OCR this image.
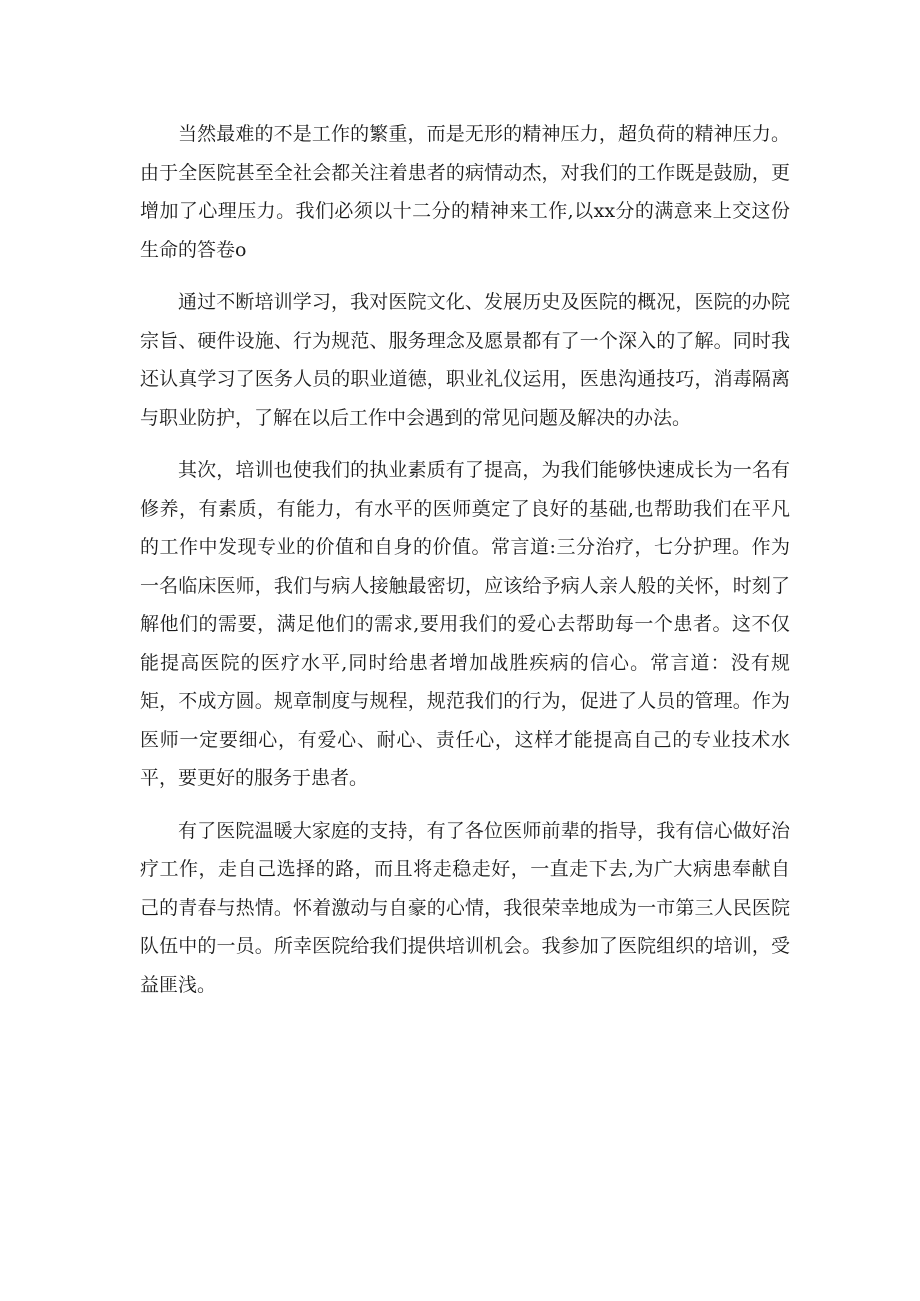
当然最难的不是工作的繁重，而是无形的精神压力，超负荷的精神压力。由于全医院甚至全社会都关注着患者的病情动杰，对我们的工作既是鼓励，更增加了心理压力。我们必须以十二分的精神来工作,以xx分的满意来上交这份生命的答卷ο

通过不断培训学习，我对医院文化、发展历史及医院的概况，医院的办院宗旨、硬件设施、行为规范、服务理念及愿景都有了一个深入的了解。同时我还认真学习了医务人员的职业道德，职业礼仪运用，医患沟通技巧，消毒隔离与职业防护，了解在以后工作中会遇到的常见问题及解决的办法。

其次，培训也使我们的执业素质有了提高，为我们能够快速成长为一名有修养，有素质，有能力，有水平的医师奠定了良好的基础,也帮助我们在平凡的工作中发现专业的价值和自身的价值。常言道:三分治疗，七分护理。作为一名临床医师，我们与病人接触最密切，应该给予病人亲人般的关怀，时刻了解他们的需要，满足他们的需求,要用我们的爱心去帮助每一个患者。这不仅能提高医院的医疗水平,同时给患者增加战胜疾病的信心。常言道：没有规矩，不成方圆。规章制度与规程，规范我们的行为，促进了人员的管理。作为医师一定要细心，有爱心、耐心、责任心，这样才能提高自己的专业技术水平，要更好的服务于患者。

有了医院温暖大家庭的支持，有了各位医师前辈的指导，我有信心做好治疗工作，走自己选择的路，而且将走稳走好，一直走下去,为广大病患奉献自己的青春与热情。怀着激动与自豪的心情，我很荣幸地成为一市第三人民医院队伍中的一员。所幸医院给我们提供培训机会。我参加了医院组织的培训，受益匪浅。
